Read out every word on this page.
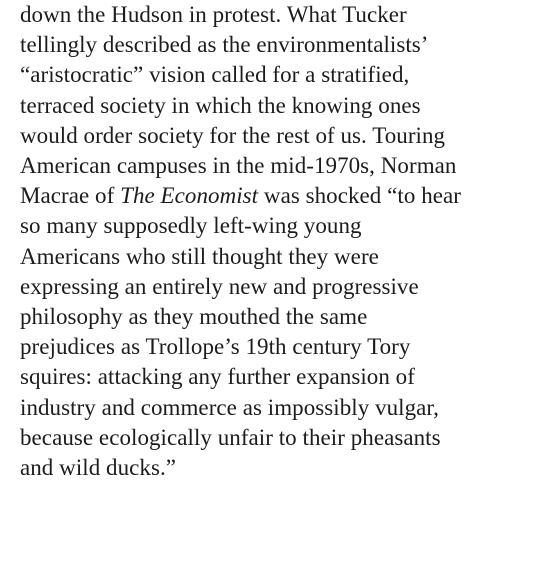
down the Hudson in protest. What Tucker
tellingly described as the environmentalists’
“aristocratic” vision called for a stratified,
terraced society in which the knowing ones
would order society for the rest of us. Touring
American campuses in the mid-1970s, Norman
Macrae of The Economist was shocked “to hear
so many supposedly left-wing young
Americans who still thought they were
expressing an entirely new and progressive
philosophy as they mouthed the same
prejudices as Trollope’s 19th century Tory
squires: attacking any further expansion of
industry and commerce as impossibly vulgar,
because ecologically unfair to their pheasants
and wild ducks.”
